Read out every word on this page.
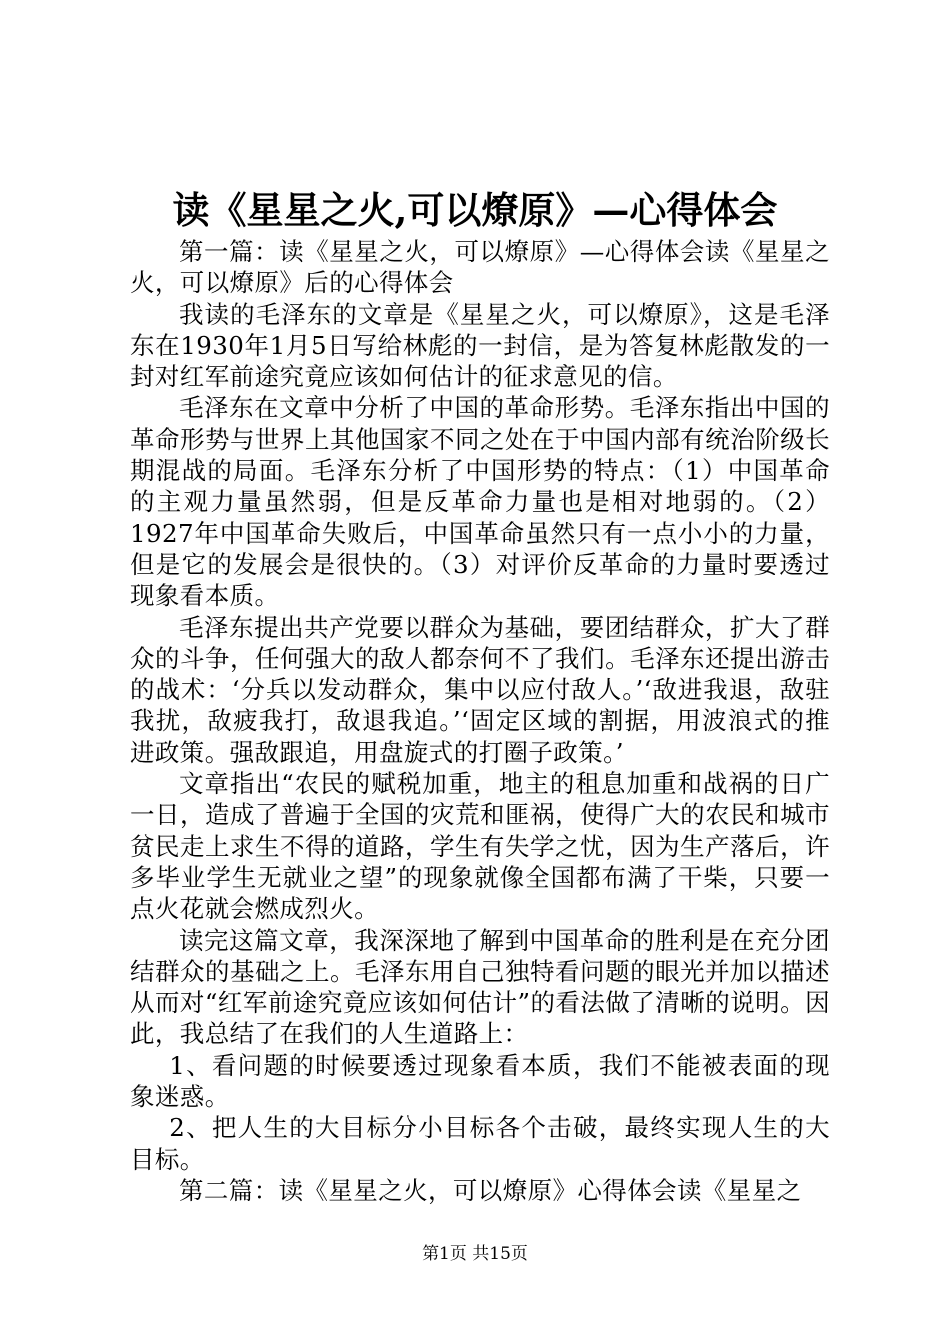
读《星星之火,可以燎原》—心得体会

第一篇：读《星星之火，可以燎原》—心得体会读《星星之火，可以燎原》后的心得体会

我读的毛泽东的文章是《星星之火，可以燎原》，这是毛泽东在1930年1月5日写给林彪的一封信，是为答复林彪散发的一封对红军前途究竟应该如何估计的征求意见的信。

毛泽东在文章中分析了中国的革命形势。毛泽东指出中国的革命形势与世界上其他国家不同之处在于中国内部有统治阶级长期混战的局面。毛泽东分析了中国形势的特点：（1）中国革命的主观力量虽然弱，但是反革命力量也是相对地弱的。（2）1927年中国革命失败后，中国革命虽然只有一点小小的力量，但是它的发展会是很快的。（3）对评价反革命的力量时要透过现象看本质。

毛泽东提出共产党要以群众为基础，要团结群众，扩大了群众的斗争，任何强大的敌人都奈何不了我们。毛泽东还提出游击的战术：‘分兵以发动群众，集中以应付敌人。’‘敌进我退，敌驻我扰，敌疲我打，敌退我追。’‘固定区域的割据，用波浪式的推进政策。强敌跟追，用盘旋式的打圈子政策。’

文章指出“农民的赋税加重，地主的租息加重和战祸的日广一日，造成了普遍于全国的灾荒和匪祸，使得广大的农民和城市贫民走上求生不得的道路，学生有失学之忧，因为生产落后，许多毕业学生无就业之望”的现象就像全国都布满了干柴，只要一点火花就会燃成烈火。

读完这篇文章，我深深地了解到中国革命的胜利是在充分团结群众的基础之上。毛泽东用自己独特看问题的眼光并加以描述从而对“红军前途究竟应该如何估计”的看法做了清晰的说明。因此，我总结了在我们的人生道路上：

1、看问题的时候要透过现象看本质，我们不能被表面的现象迷惑。

2、把人生的大目标分小目标各个击破，最终实现人生的大目标。

第二篇：读《星星之火，可以燎原》心得体会读《星星之

第1页 共15页
